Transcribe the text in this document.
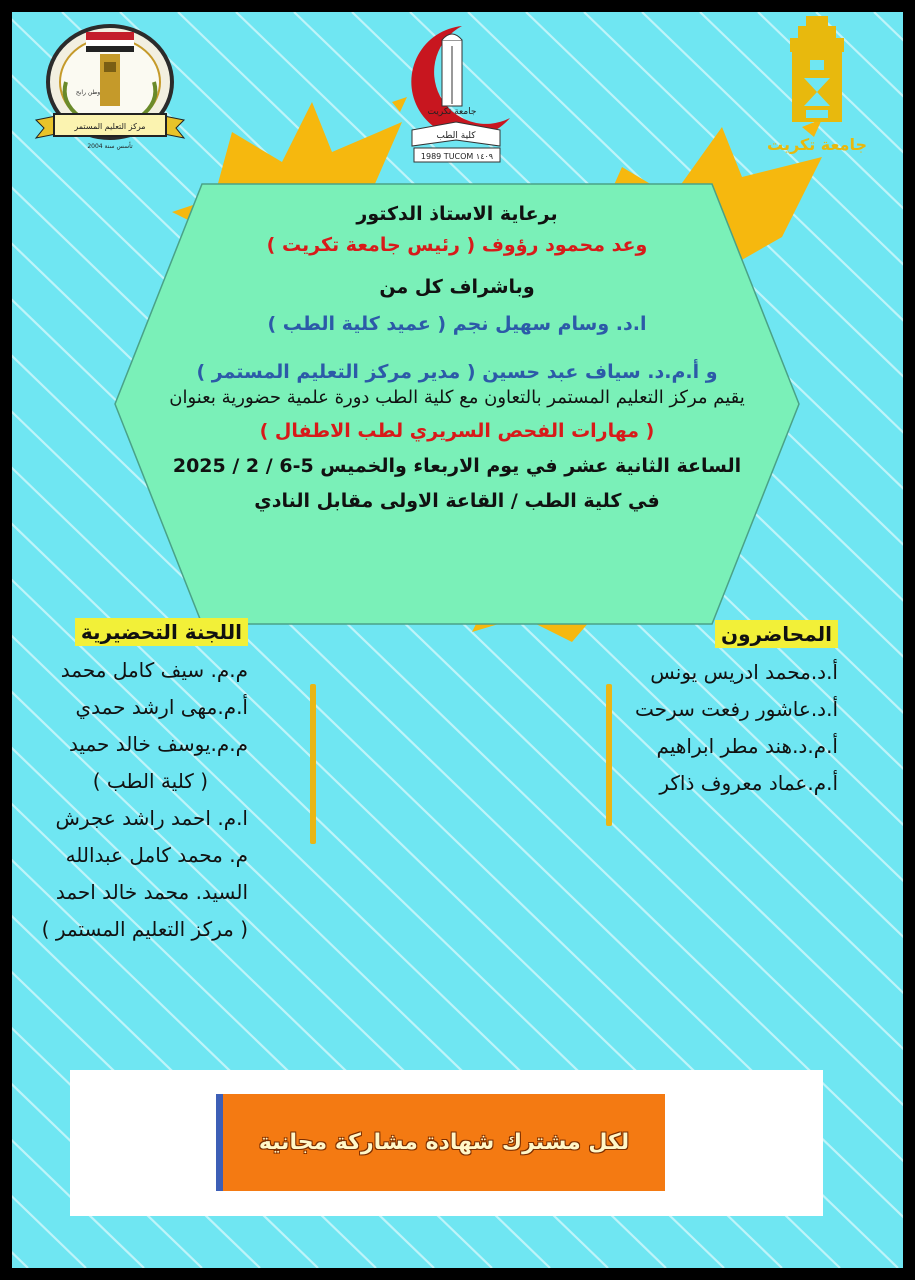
مركز التعليم المستمر
وطن رابح
تأسس سنة 2004
جامعة تكريت
كلية الطب
1989 TUCOM ١٤٠٩
جامعة تكريت
برعاية الاستاذ الدكتور
وعد محمود رؤوف ( رئيس جامعة تكريت )
وباشراف كل من
ا.د. وسام سهيل نجم ( عميد كلية الطب )
و أ.م.د. سياف عبد حسين ( مدير مركز التعليم المستمر )
يقيم مركز التعليم المستمر بالتعاون مع كلية الطب دورة علمية حضورية بعنوان
( مهارات الفحص السريري لطب الاطفال )
الساعة الثانية عشر في يوم الاربعاء والخميس 5-6 / 2 / 2025
في كلية الطب / القاعة الاولى مقابل النادي
المحاضرون
أ.د.محمد ادريس يونس
أ.د.عاشور رفعت سرحت
أ.م.د.هند مطر ابراهيم
أ.م.عماد معروف ذاكر
اللجنة التحضيرية
م.م. سيف كامل محمد
أ.م.مهى ارشد حمدي
م.م.يوسف خالد حميد
( كلية الطب )
ا.م. احمد راشد عجرش
م. محمد كامل عبدالله
السيد. محمد خالد احمد
( مركز التعليم المستمر )
لكل مشترك شهادة مشاركة مجانية
